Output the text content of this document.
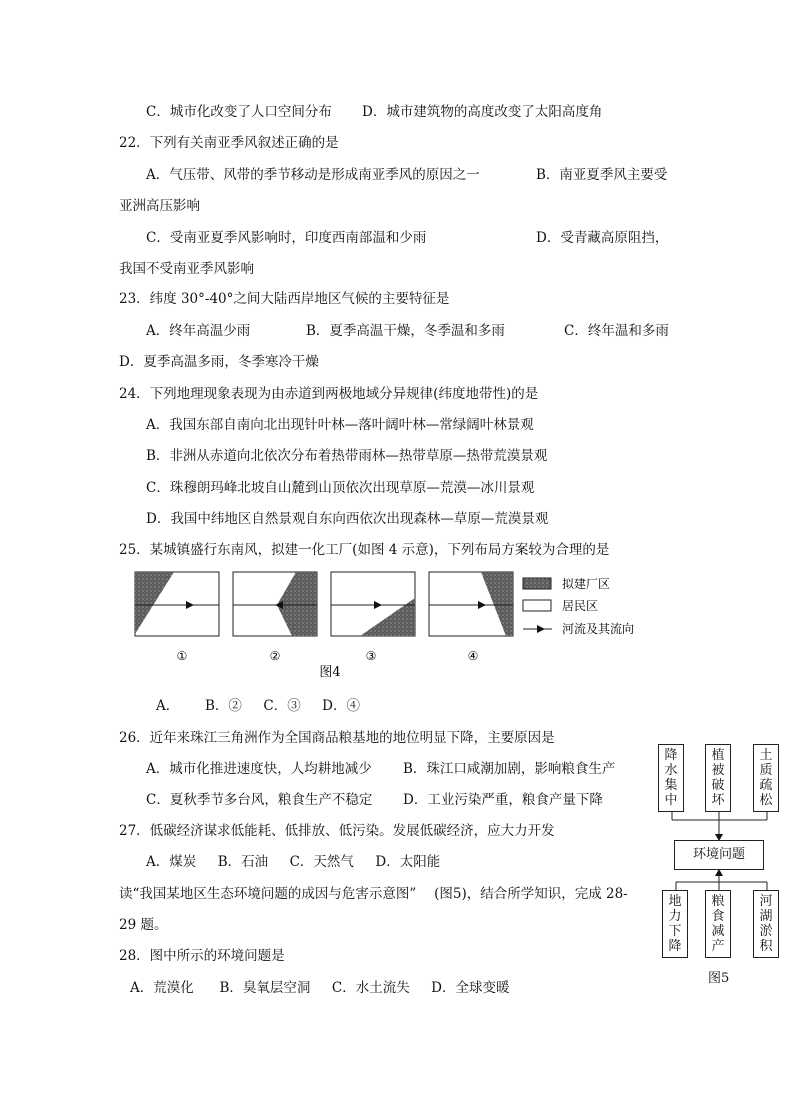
C．城市化改变了人口空间分布 D．城市建筑物的高度改变了太阳高度角
22．下列有关南亚季风叙述正确的是
A．气压带、风带的季节移动是形成南亚季风的原因之一	B．南亚夏季风主要受
亚洲高压影响
C．受南亚夏季风影响时，印度西南部温和少雨	D．受青藏高原阻挡，
我国不受南亚季风影响
23．纬度 30°-40°之间大陆西岸地区气候的主要特征是
A．终年高温少雨	B．夏季高温干燥，冬季温和多雨	C．终年温和多雨
D．夏季高温多雨，冬季寒冷干燥
24．下列地理现象表现为由赤道到两极地域分异规律(纬度地带性)的是
A．我国东部自南向北出现针叶林—落叶阔叶林—常绿阔叶林景观
B．非洲从赤道向北依次分布着热带雨林—热带草原—热带荒漠景观
C．珠穆朗玛峰北坡自山麓到山顶依次出现草原—荒漠—冰川景观
D．我国中纬地区自然景观自东向西依次出现森林—草原—荒漠景观
25．某城镇盛行东南风，拟建一化工厂(如图 4 示意)，下列布局方案较为合理的是
①	②	③	④
图4
拟建厂区
居民区
河流及其流向
A．      B．②     C．③     D．④
26．近年来珠江三角洲作为全国商品粮基地的地位明显下降，主要原因是
A．城市化推进速度快，人均耕地减少 B．珠江口咸潮加剧，影响粮食生产
C．夏秋季节多台风，粮食生产不稳定 D．工业污染严重，粮食产量下降
27．低碳经济谋求低能耗、低排放、低污染。发展低碳经济，应大力开发
A．煤炭     B．石油     C．天然气     D．太阳能
读“我国某地区生态环境问题的成因与危害示意图”　 (图5)，结合所学知识，完成 28-
29 题。
28．图中所示的环境问题是
A．荒漠化      B．臭氧层空洞     C．水土流失     D．全球变暖
降水集中
植被破坏
土质疏松
环境问题
地力下降
粮食减产
河湖淤积
图5
